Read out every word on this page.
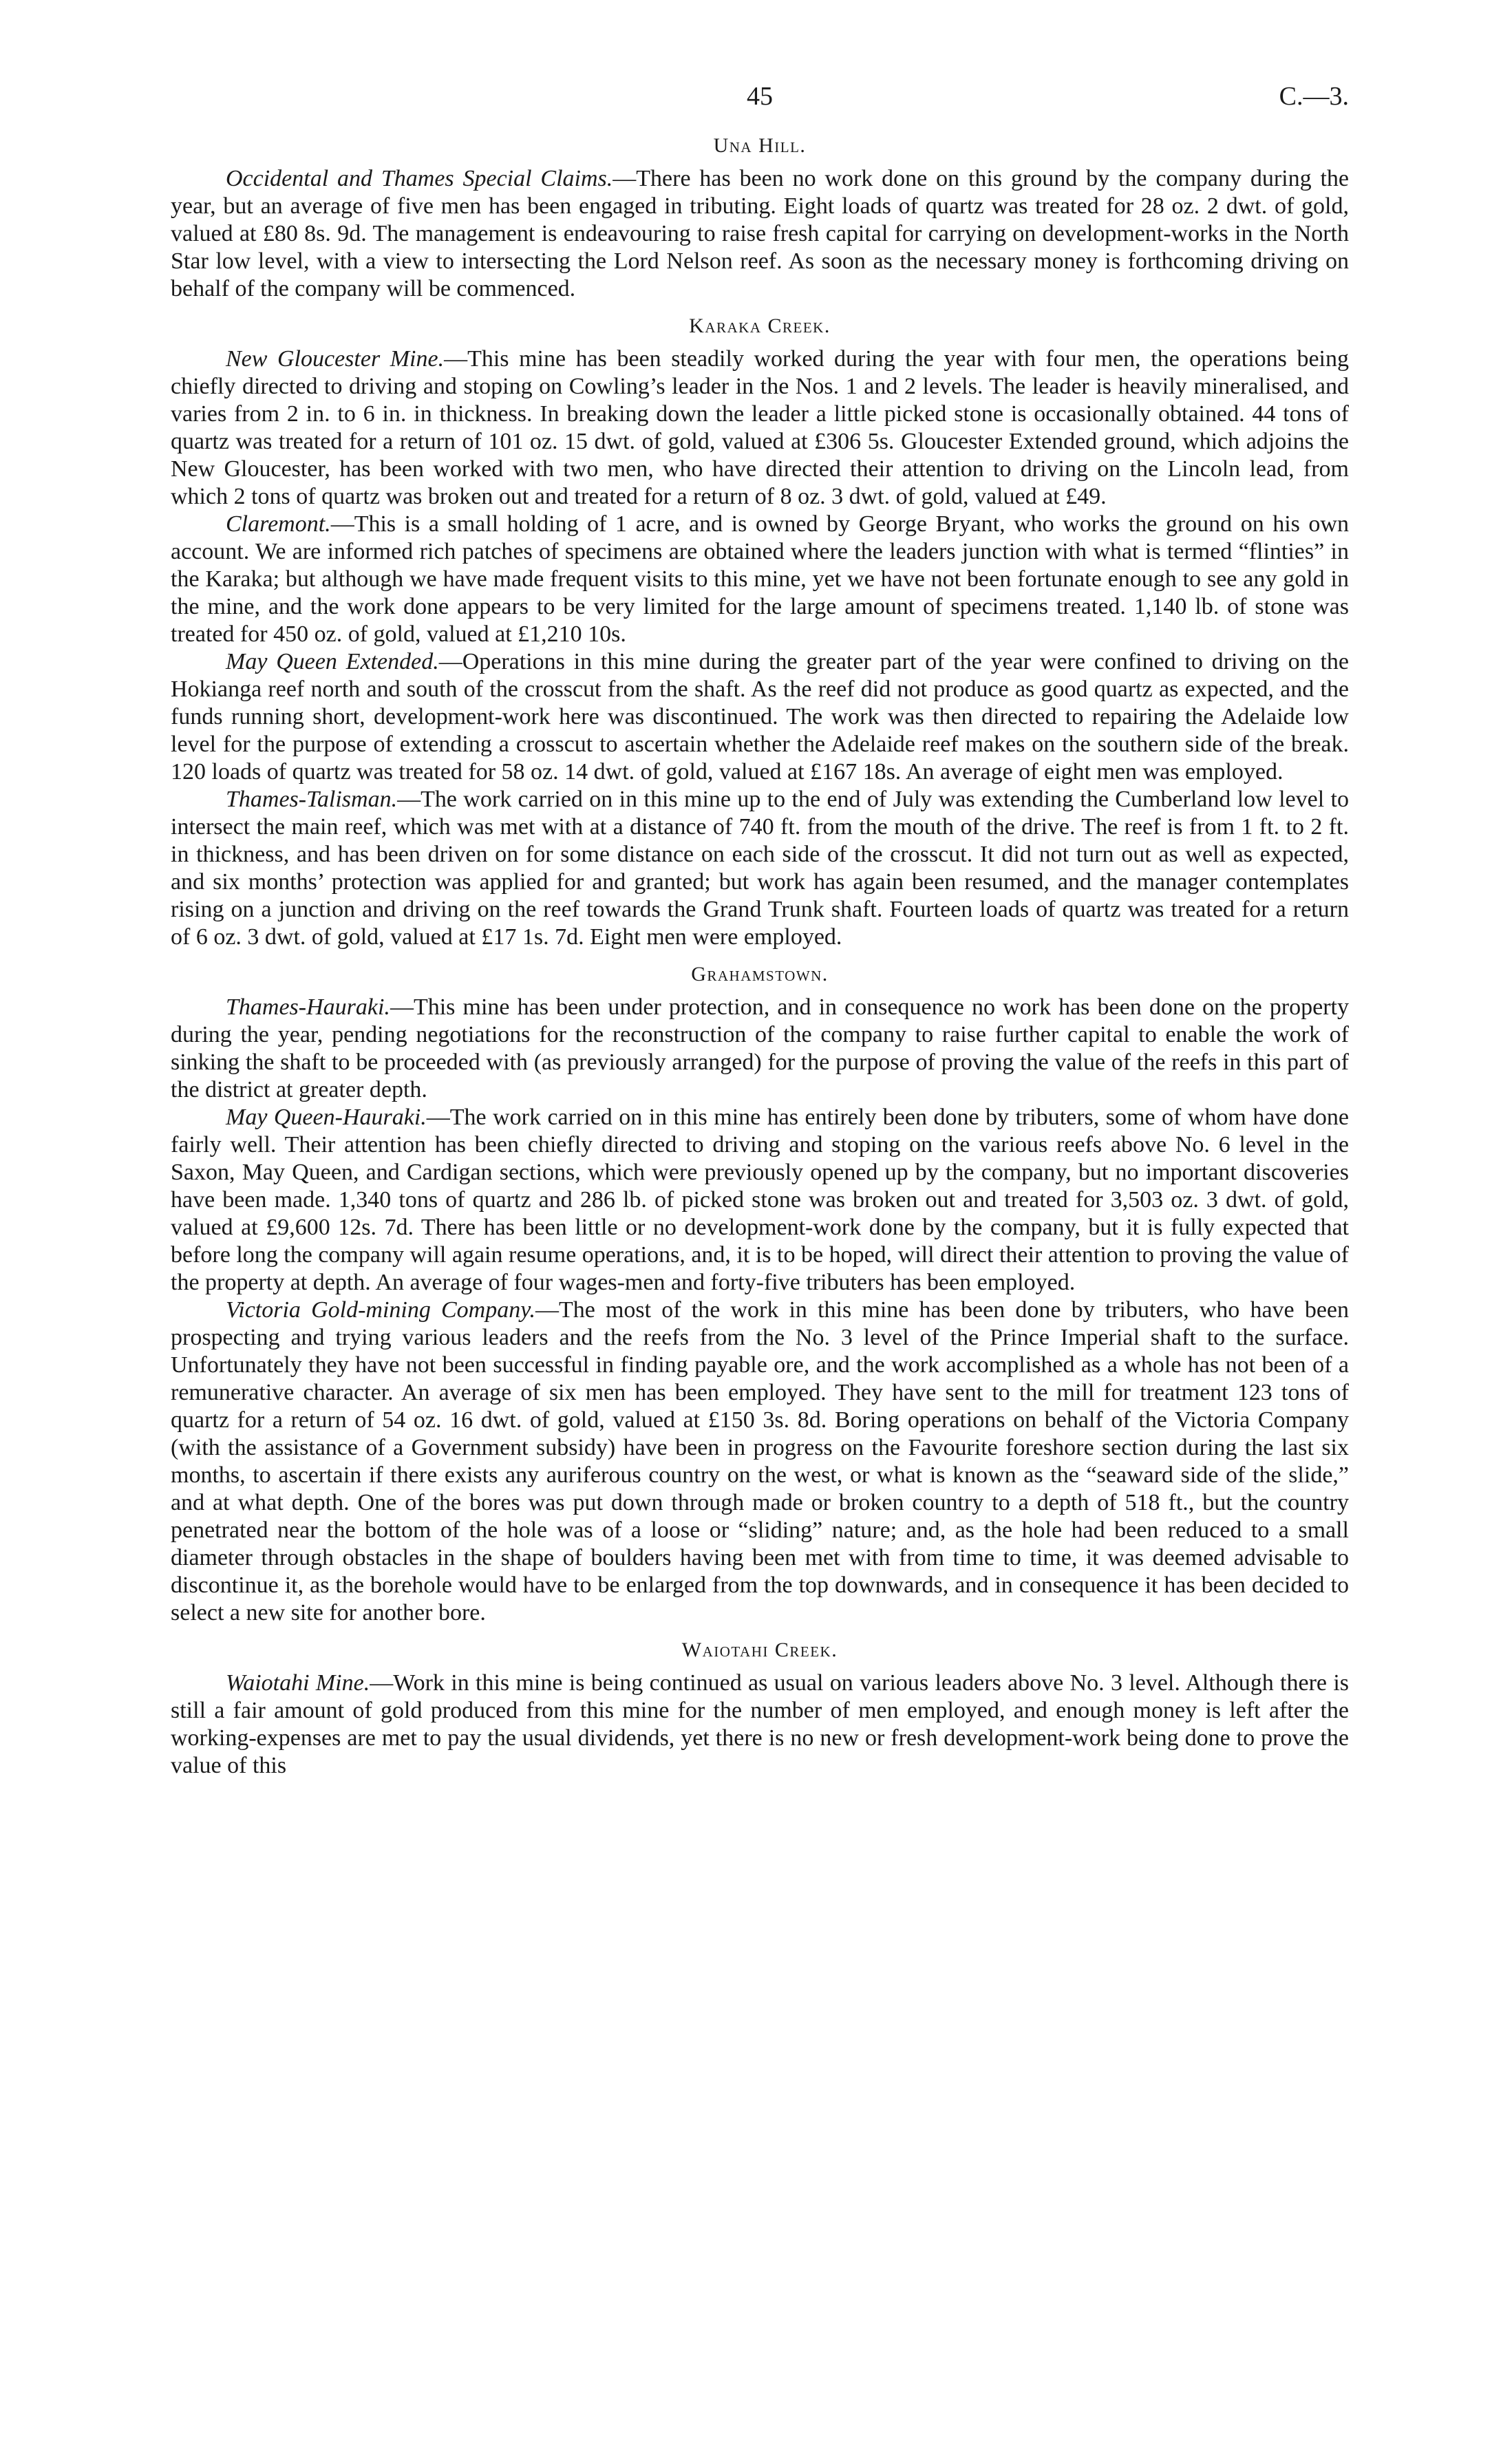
45	C.—3.
Una Hill.

Occidental and Thames Special Claims.—There has been no work done on this ground by the company during the year, but an average of five men has been engaged in tributing. Eight loads of quartz was treated for 28 oz. 2 dwt. of gold, valued at £80 8s. 9d. The management is endeavouring to raise fresh capital for carrying on development-works in the North Star low level, with a view to intersecting the Lord Nelson reef. As soon as the necessary money is forthcoming driving on behalf of the company will be commenced.

Karaka Creek.

New Gloucester Mine.—This mine has been steadily worked during the year with four men, the operations being chiefly directed to driving and stoping on Cowling’s leader in the Nos. 1 and 2 levels. The leader is heavily mineralised, and varies from 2 in. to 6 in. in thickness. In breaking down the leader a little picked stone is occasionally obtained. 44 tons of quartz was treated for a return of 101 oz. 15 dwt. of gold, valued at £306 5s. Gloucester Extended ground, which adjoins the New Gloucester, has been worked with two men, who have directed their attention to driving on the Lincoln lead, from which 2 tons of quartz was broken out and treated for a return of 8 oz. 3 dwt. of gold, valued at £49.

Claremont.—This is a small holding of 1 acre, and is owned by George Bryant, who works the ground on his own account. We are informed rich patches of specimens are obtained where the leaders junction with what is termed “flinties” in the Karaka; but although we have made frequent visits to this mine, yet we have not been fortunate enough to see any gold in the mine, and the work done appears to be very limited for the large amount of specimens treated. 1,140 lb. of stone was treated for 450 oz. of gold, valued at £1,210 10s.

May Queen Extended.—Operations in this mine during the greater part of the year were confined to driving on the Hokianga reef north and south of the crosscut from the shaft. As the reef did not produce as good quartz as expected, and the funds running short, development-work here was discontinued. The work was then directed to repairing the Adelaide low level for the purpose of extending a crosscut to ascertain whether the Adelaide reef makes on the southern side of the break. 120 loads of quartz was treated for 58 oz. 14 dwt. of gold, valued at £167 18s. An average of eight men was employed.

Thames-Talisman.—The work carried on in this mine up to the end of July was extending the Cumberland low level to intersect the main reef, which was met with at a distance of 740 ft. from the mouth of the drive. The reef is from 1 ft. to 2 ft. in thickness, and has been driven on for some distance on each side of the crosscut. It did not turn out as well as expected, and six months’ protection was applied for and granted; but work has again been resumed, and the manager contemplates rising on a junction and driving on the reef towards the Grand Trunk shaft. Fourteen loads of quartz was treated for a return of 6 oz. 3 dwt. of gold, valued at £17 1s. 7d. Eight men were employed.

Grahamstown.

Thames-Hauraki.—This mine has been under protection, and in consequence no work has been done on the property during the year, pending negotiations for the reconstruction of the company to raise further capital to enable the work of sinking the shaft to be proceeded with (as previously arranged) for the purpose of proving the value of the reefs in this part of the district at greater depth.

May Queen-Hauraki.—The work carried on in this mine has entirely been done by tributers, some of whom have done fairly well. Their attention has been chiefly directed to driving and stoping on the various reefs above No. 6 level in the Saxon, May Queen, and Cardigan sections, which were previously opened up by the company, but no important discoveries have been made. 1,340 tons of quartz and 286 lb. of picked stone was broken out and treated for 3,503 oz. 3 dwt. of gold, valued at £9,600 12s. 7d. There has been little or no development-work done by the company, but it is fully expected that before long the company will again resume operations, and, it is to be hoped, will direct their attention to proving the value of the property at depth. An average of four wages-men and forty-five tributers has been employed.

Victoria Gold-mining Company.—The most of the work in this mine has been done by tributers, who have been prospecting and trying various leaders and the reefs from the No. 3 level of the Prince Imperial shaft to the surface. Unfortunately they have not been successful in finding payable ore, and the work accomplished as a whole has not been of a remunerative character. An average of six men has been employed. They have sent to the mill for treatment 123 tons of quartz for a return of 54 oz. 16 dwt. of gold, valued at £150 3s. 8d. Boring operations on behalf of the Victoria Company (with the assistance of a Government subsidy) have been in progress on the Favourite foreshore section during the last six months, to ascertain if there exists any auriferous country on the west, or what is known as the “seaward side of the slide,” and at what depth. One of the bores was put down through made or broken country to a depth of 518 ft., but the country penetrated near the bottom of the hole was of a loose or “sliding” nature; and, as the hole had been reduced to a small diameter through obstacles in the shape of boulders having been met with from time to time, it was deemed advisable to discontinue it, as the borehole would have to be enlarged from the top downwards, and in consequence it has been decided to select a new site for another bore.

Waiotahi Creek.

Waiotahi Mine.—Work in this mine is being continued as usual on various leaders above No. 3 level. Although there is still a fair amount of gold produced from this mine for the number of men employed, and enough money is left after the working-expenses are met to pay the usual dividends, yet there is no new or fresh development-work being done to prove the value of this
